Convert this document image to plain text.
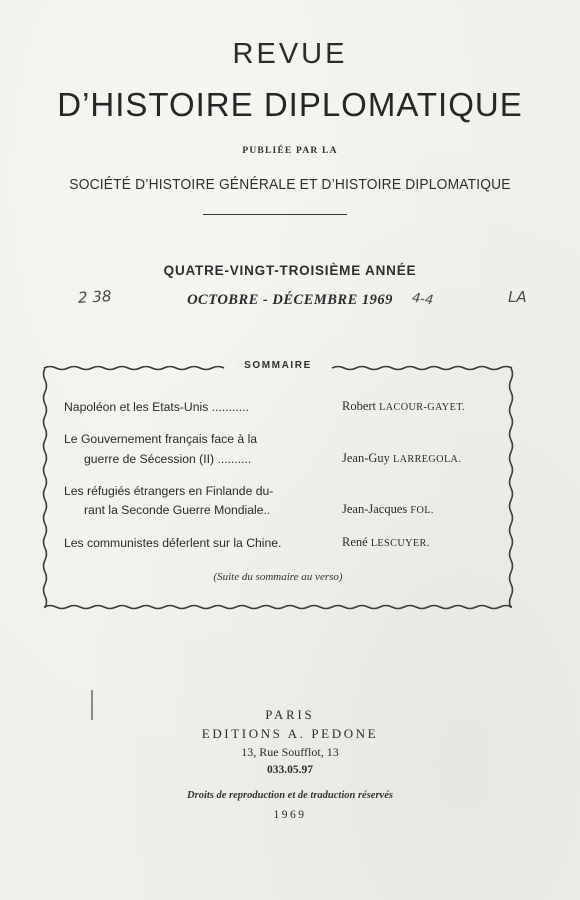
REVUE
D’HISTOIRE DIPLOMATIQUE
PUBLIÉE PAR LA
SOCIÉTÉ D’HISTOIRE GÉNÉRALE ET D’HISTOIRE DIPLOMATIQUE
QUATRE-VINGT-TROISIÈME ANNÉE
OCTOBRE - DÉCEMBRE 1969
2 38	4-4	LA
SOMMAIRE
Napoléon et les Etats-Unis ...........	Robert LACOUR-GAYET.
Le Gouvernement français face à la
guerre de Sécession (II) ..........	Jean-Guy LARREGOLA.
Les réfugiés étrangers en Finlande du-
rant la Seconde Guerre Mondiale..	Jean-Jacques FOL.
Les communistes déferlent sur la Chine.	René LESCUYER.
(Suite du sommaire au verso)
PARIS
EDITIONS A. PEDONE
13, Rue Soufflot, 13
033.05.97
Droits de reproduction et de traduction réservés
1969
